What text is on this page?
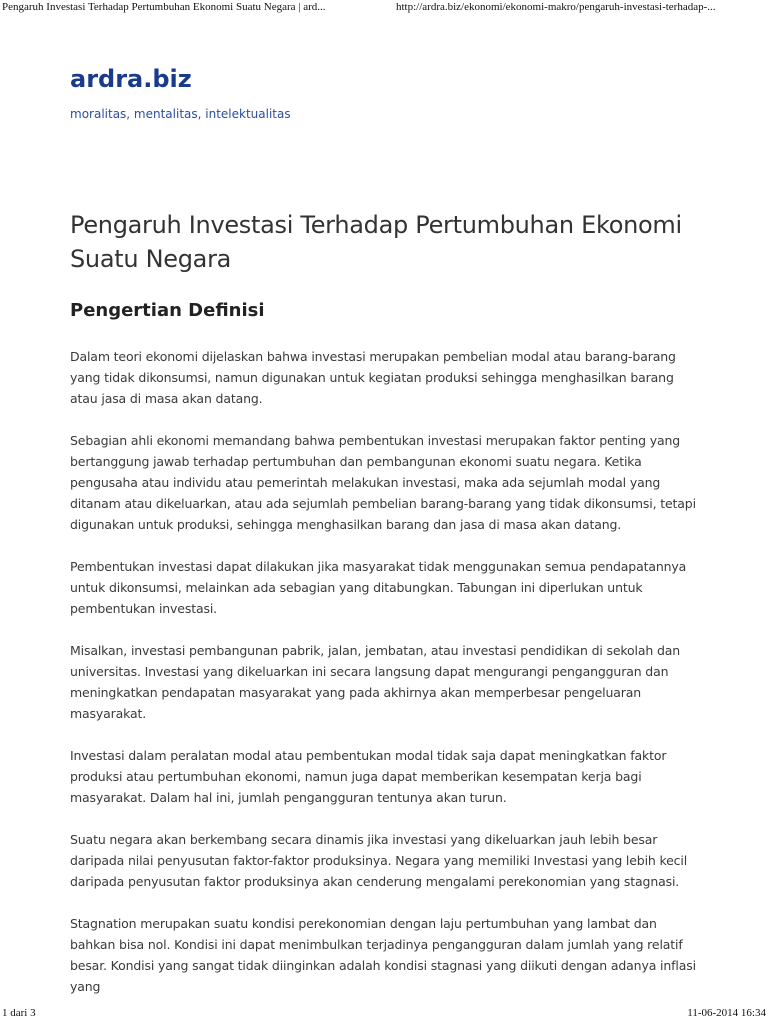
Pengaruh Investasi Terhadap Pertumbuhan Ekonomi Suatu Negara | ard...	http://ardra.biz/ekonomi/ekonomi-makro/pengaruh-investasi-terhadap-...
ardra.biz
moralitas, mentalitas, intelektualitas
Pengaruh Investasi Terhadap Pertumbuhan Ekonomi Suatu Negara
Pengertian Definisi

Dalam teori ekonomi dijelaskan bahwa investasi merupakan pembelian modal atau barang-barang yang tidak dikonsumsi, namun digunakan untuk kegiatan produksi sehingga menghasilkan barang atau jasa di masa akan datang.

Sebagian ahli ekonomi memandang bahwa pembentukan investasi merupakan faktor penting yang bertanggung jawab terhadap pertumbuhan dan pembangunan ekonomi suatu negara. Ketika pengusaha atau individu atau pemerintah melakukan investasi, maka ada sejumlah modal yang ditanam atau dikeluarkan, atau ada sejumlah pembelian barang-barang yang tidak dikonsumsi, tetapi digunakan untuk produksi, sehingga menghasilkan barang dan jasa di masa akan datang.

Pembentukan investasi dapat dilakukan jika masyarakat tidak menggunakan semua pendapatannya untuk dikonsumsi, melainkan ada sebagian yang ditabungkan. Tabungan ini diperlukan untuk pembentukan investasi.

Misalkan, investasi pembangunan pabrik, jalan, jembatan, atau investasi pendidikan di sekolah dan universitas. Investasi yang dikeluarkan ini secara langsung dapat mengurangi pengangguran dan meningkatkan pendapatan masyarakat yang pada akhirnya akan memperbesar pengeluaran masyarakat.

Investasi dalam peralatan modal atau pembentukan modal tidak saja dapat meningkatkan faktor produksi atau pertumbuhan ekonomi, namun juga dapat memberikan kesempatan kerja bagi masyarakat. Dalam hal ini, jumlah pengangguran tentunya akan turun.

Suatu negara akan berkembang secara dinamis jika investasi yang dikeluarkan jauh lebih besar daripada nilai penyusutan faktor-faktor produksinya. Negara yang memiliki Investasi yang lebih kecil daripada penyusutan faktor produksinya akan cenderung mengalami perekonomian yang stagnasi.

Stagnation merupakan suatu kondisi perekonomian dengan laju pertumbuhan yang lambat dan bahkan bisa nol. Kondisi ini dapat menimbulkan terjadinya pengangguran dalam jumlah yang relatif besar. Kondisi yang sangat tidak diinginkan adalah kondisi stagnasi yang diikuti dengan adanya inflasi yang

1 dari 3	11-06-2014 16:34
